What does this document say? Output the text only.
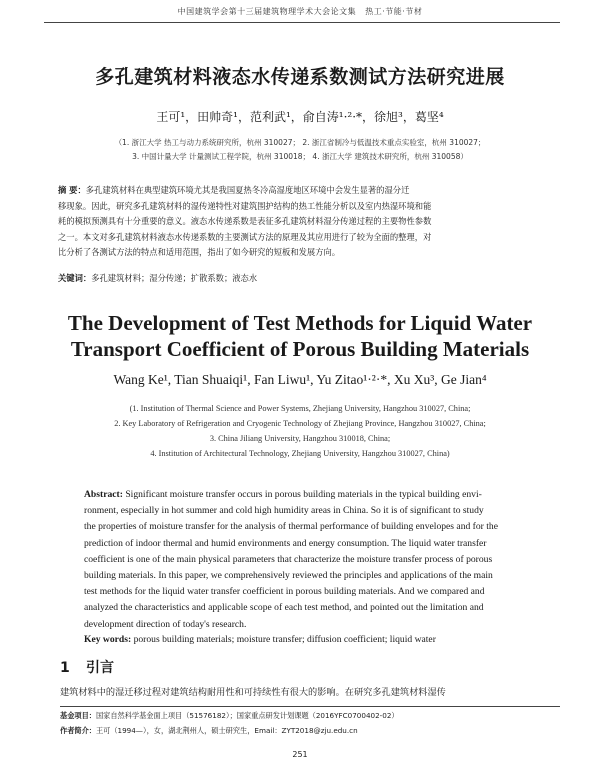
中国建筑学会第十三届建筑物理学术大会论文集 热工·节能·节材
多孔建筑材料液态水传递系数测试方法研究进展
王可¹，田帅奇¹，范利武¹，俞自涛¹·²·*，徐旭³，葛坚⁴
（1. 浙江大学 热工与动力系统研究所，杭州 310027； 2. 浙江省制冷与低温技术重点实验室，杭州 310027；
3. 中国计量大学 计量测试工程学院，杭州 310018； 4. 浙江大学 建筑技术研究所，杭州 310058）
摘 要：多孔建筑材料在典型建筑环境尤其是我国夏热冬冷高湿度地区环境中会发生显著的湿分迁
移现象。因此，研究多孔建筑材料的湿传递特性对建筑围护结构的热工性能分析以及室内热湿环境和能
耗的模拟预测具有十分重要的意义。液态水传递系数是表征多孔建筑材料湿分传递过程的主要物性参数
之一。本文对多孔建筑材料液态水传递系数的主要测试方法的原理及其应用进行了较为全面的整理，对
比分析了各测试方法的特点和适用范围，指出了如今研究的短板和发展方向。
关键词：多孔建筑材料；湿分传递；扩散系数；液态水
The Development of Test Methods for Liquid Water
Transport Coefficient of Porous Building Materials
Wang Ke¹, Tian Shuaiqi¹, Fan Liwu¹, Yu Zitao¹·²·*, Xu Xu³, Ge Jian⁴
(1. Institution of Thermal Science and Power Systems, Zhejiang University, Hangzhou 310027, China;
2. Key Laboratory of Refrigeration and Cryogenic Technology of Zhejiang Province, Hangzhou 310027, China;
3. China Jiliang University, Hangzhou 310018, China;
4. Institution of Architectural Technology, Zhejiang University, Hangzhou 310027, China)
Abstract: Significant moisture transfer occurs in porous building materials in the typical building envi-
ronment, especially in hot summer and cold high humidity areas in China. So it is of significant to study
the properties of moisture transfer for the analysis of thermal performance of building envelopes and for the
prediction of indoor thermal and humid environments and energy consumption. The liquid water transfer
coefficient is one of the main physical parameters that characterize the moisture transfer process of porous
building materials. In this paper, we comprehensively reviewed the principles and applications of the main
test methods for the liquid water transfer coefficient in porous building materials. And we compared and
analyzed the characteristics and applicable scope of each test method, and pointed out the limitation and
development direction of today's research.
Key words: porous building materials; moisture transfer; diffusion coefficient; liquid water
1 引言
建筑材料中的湿迁移过程对建筑结构耐用性和可持续性有很大的影响。在研究多孔建筑材料湿传
基金项目：国家自然科学基金面上项目（51576182）；国家重点研发计划课题（2016YFC0700402-02）
作者简介：王可（1994—），女，湖北荆州人，硕士研究生，Email：ZYT2018@zju.edu.cn
251
